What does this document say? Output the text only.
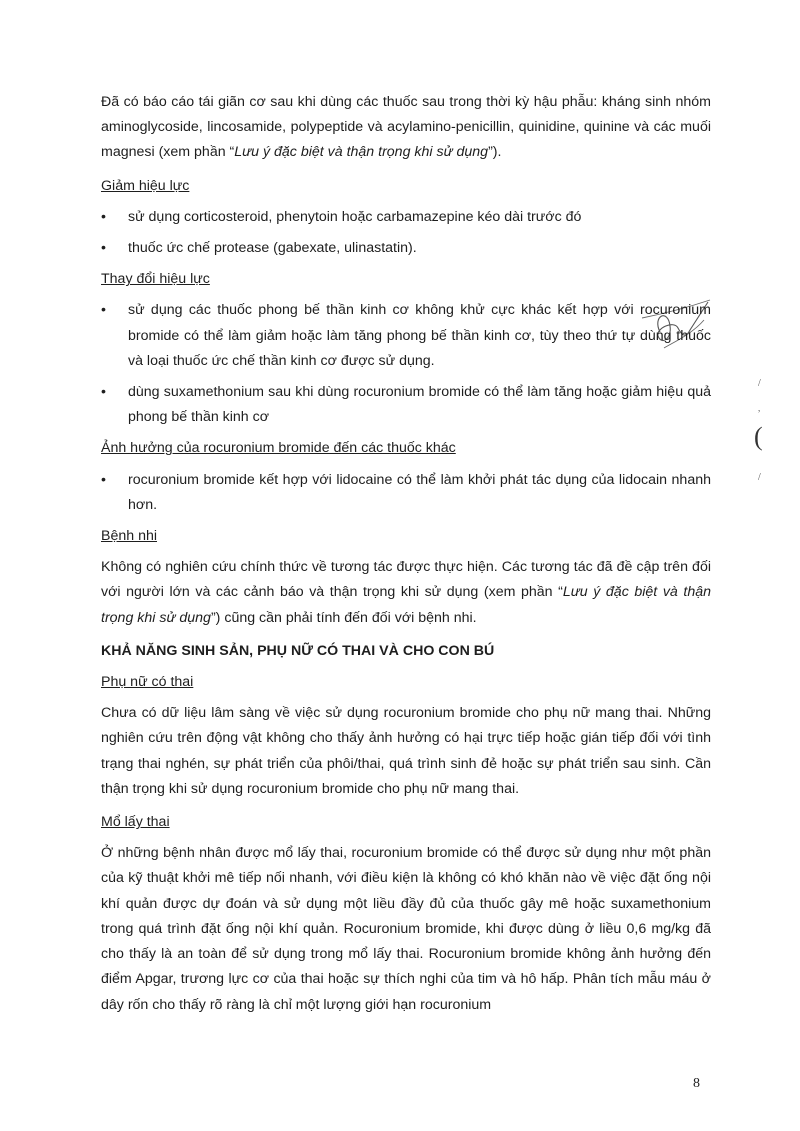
/
,
(
/

Đã có báo cáo tái giãn cơ sau khi dùng các thuốc sau trong thời kỳ hậu phẫu: kháng sinh nhóm aminoglycoside, lincosamide, polypeptide và acylamino-penicillin, quinidine, quinine và các muối magnesi (xem phần “Lưu ý đặc biệt và thận trọng khi sử dụng”).

Giảm hiệu lực

• sử dụng corticosteroid, phenytoin hoặc carbamazepine kéo dài trước đó
• thuốc ức chế protease (gabexate, ulinastatin).

Thay đổi hiệu lực

• sử dụng các thuốc phong bế thần kinh cơ không khử cực khác kết hợp với rocuronium bromide có thể làm giảm hoặc làm tăng phong bế thần kinh cơ, tùy theo thứ tự dùng thuốc và loại thuốc ức chế thần kinh cơ được sử dụng.
• dùng suxamethonium sau khi dùng rocuronium bromide có thể làm tăng hoặc giảm hiệu quả phong bế thần kinh cơ

Ảnh hưởng của rocuronium bromide đến các thuốc khác

• rocuronium bromide kết hợp với lidocaine có thể làm khởi phát tác dụng của lidocain nhanh hơn.

Bệnh nhi

Không có nghiên cứu chính thức về tương tác được thực hiện. Các tương tác đã đề cập trên đối với người lớn và các cảnh báo và thận trọng khi sử dụng (xem phần “Lưu ý đặc biệt và thận trọng khi sử dụng”) cũng cần phải tính đến đối với bệnh nhi.

KHẢ NĂNG SINH SẢN, PHỤ NỮ CÓ THAI VÀ CHO CON BÚ

Phụ nữ có thai

Chưa có dữ liệu lâm sàng về việc sử dụng rocuronium bromide cho phụ nữ mang thai. Những nghiên cứu trên động vật không cho thấy ảnh hưởng có hại trực tiếp hoặc gián tiếp đối với tình trạng thai nghén, sự phát triển của phôi/thai, quá trình sinh đẻ hoặc sự phát triển sau sinh. Cần thận trọng khi sử dụng rocuronium bromide cho phụ nữ mang thai.

Mổ lấy thai

Ở những bệnh nhân được mổ lấy thai, rocuronium bromide có thể được sử dụng như một phần của kỹ thuật khởi mê tiếp nối nhanh, với điều kiện là không có khó khăn nào về việc đặt ống nội khí quản được dự đoán và sử dụng một liều đầy đủ của thuốc gây mê hoặc suxamethonium trong quá trình đặt ống nội khí quản. Rocuronium bromide, khi được dùng ở liều 0,6 mg/kg đã cho thấy là an toàn để sử dụng trong mổ lấy thai. Rocuronium bromide không ảnh hưởng đến điểm Apgar, trương lực cơ của thai hoặc sự thích nghi của tim và hô hấp. Phân tích mẫu máu ở dây rốn cho thấy rõ ràng là chỉ một lượng giới hạn rocuronium

8
